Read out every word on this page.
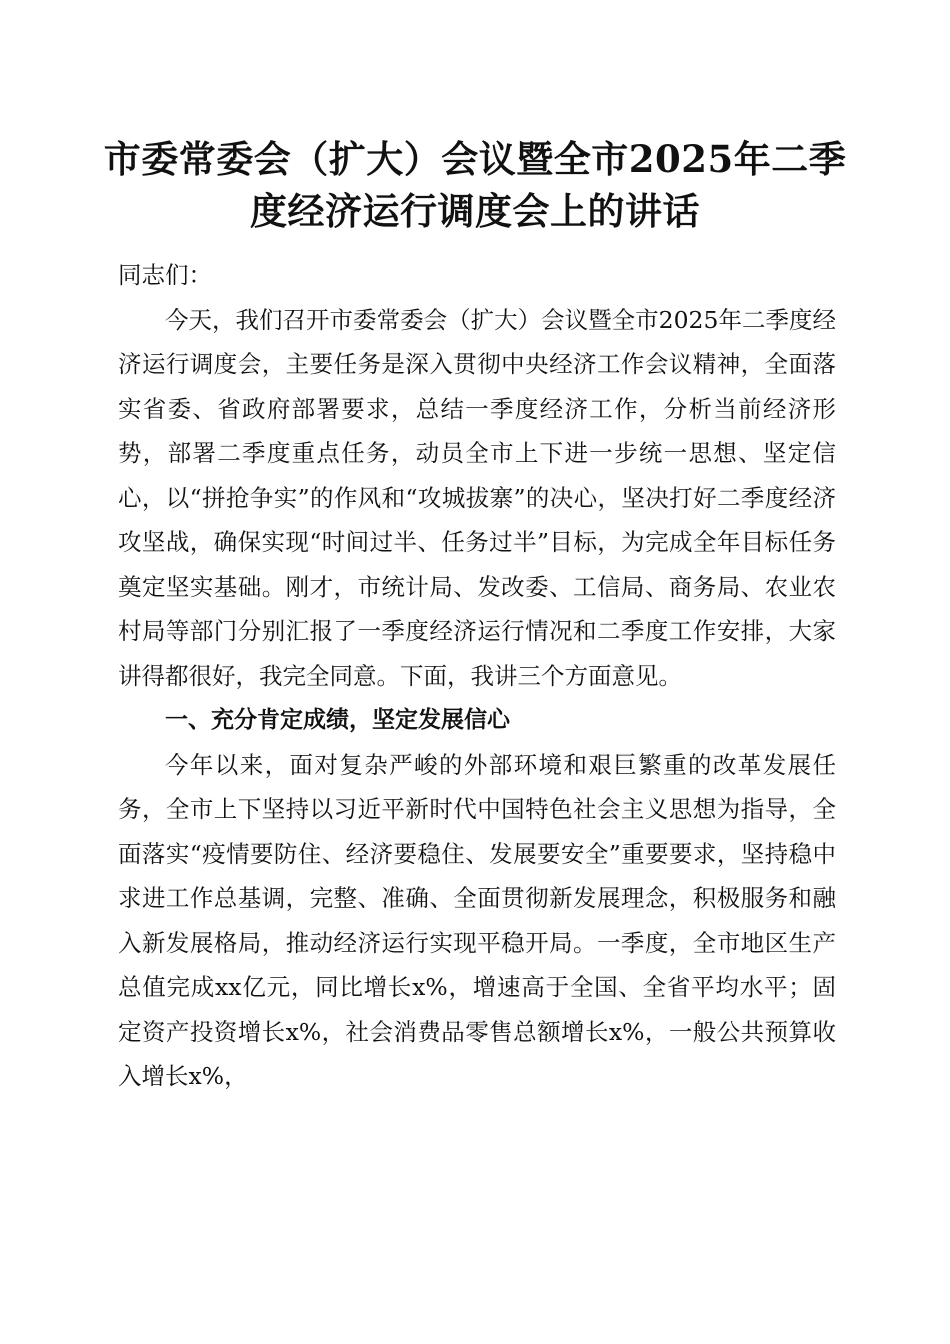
市委常委会（扩大）会议暨全市2025年二季
度经济运行调度会上的讲话

同志们：

今天，我们召开市委常委会（扩大）会议暨全市2025年二季度经济运行调度会，主要任务是深入贯彻中央经济工作会议精神，全面落实省委、省政府部署要求，总结一季度经济工作，分析当前经济形势，部署二季度重点任务，动员全市上下进一步统一思想、坚定信心，以“拼抢争实”的作风和“攻城拔寨”的决心，坚决打好二季度经济攻坚战，确保实现“时间过半、任务过半”目标，为完成全年目标任务奠定坚实基础。刚才，市统计局、发改委、工信局、商务局、农业农村局等部门分别汇报了一季度经济运行情况和二季度工作安排，大家讲得都很好，我完全同意。下面，我讲三个方面意见。

一、充分肯定成绩，坚定发展信心

今年以来，面对复杂严峻的外部环境和艰巨繁重的改革发展任务，全市上下坚持以习近平新时代中国特色社会主义思想为指导，全面落实“疫情要防住、经济要稳住、发展要安全”重要要求，坚持稳中求进工作总基调，完整、准确、全面贯彻新发展理念，积极服务和融入新发展格局，推动经济运行实现平稳开局。一季度，全市地区生产总值完成xx亿元，同比增长x%，增速高于全国、全省平均水平；固定资产投资增长x%，社会消费品零售总额增长x%，一般公共预算收入增长x%，
